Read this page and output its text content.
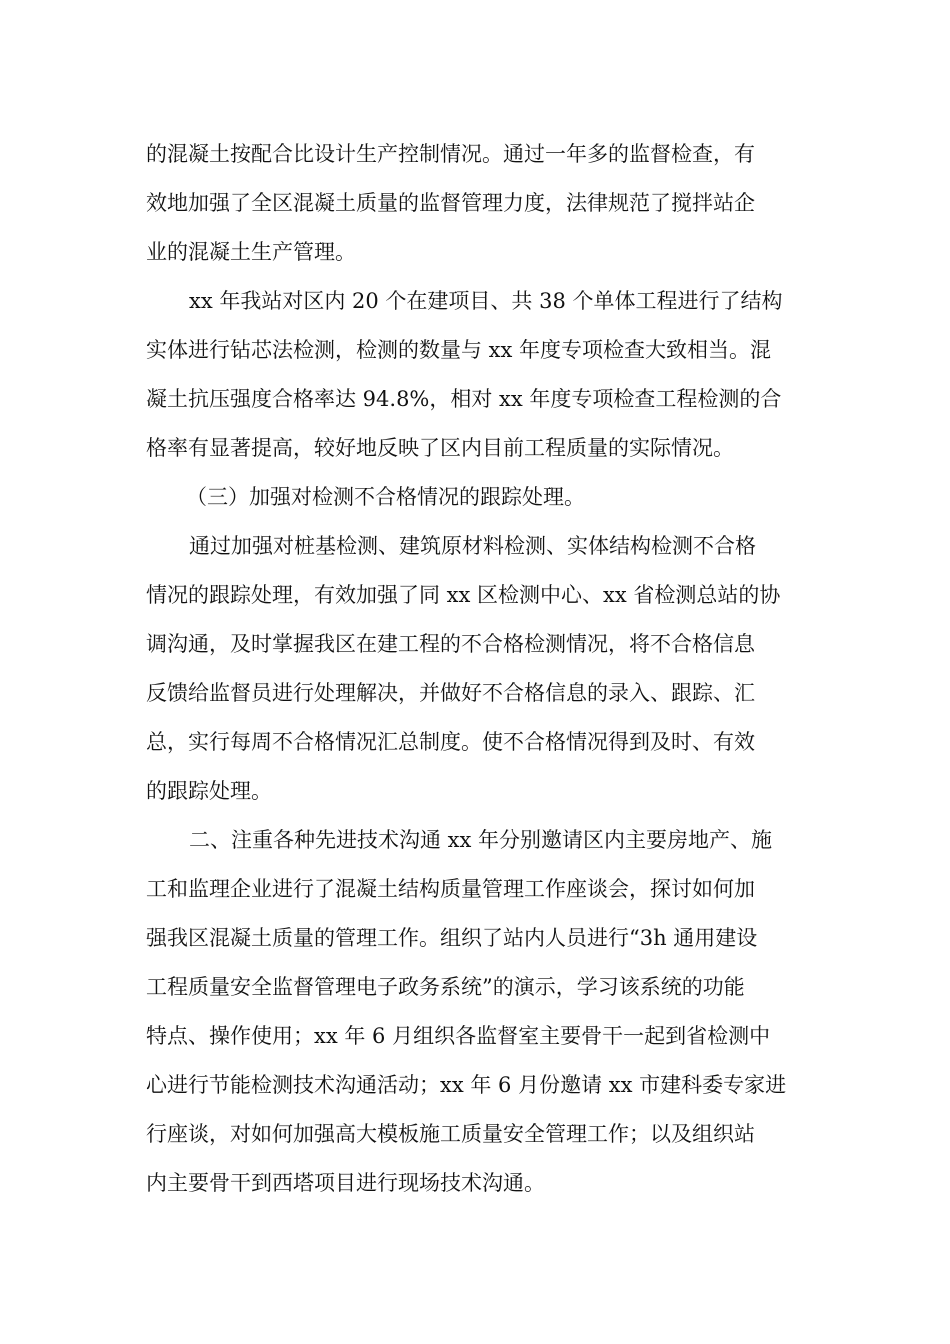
的混凝土按配合比设计生产控制情况。通过一年多的监督检查，有
效地加强了全区混凝土质量的监督管理力度，法律规范了搅拌站企
业的混凝土生产管理。
xx 年我站对区内 20 个在建项目、共 38 个单体工程进行了结构
实体进行钻芯法检测，检测的数量与 xx 年度专项检查大致相当。混
凝土抗压强度合格率达 94.8%，相对 xx 年度专项检查工程检测的合
格率有显著提高，较好地反映了区内目前工程质量的实际情况。
（三）加强对检测不合格情况的跟踪处理。
通过加强对桩基检测、建筑原材料检测、实体结构检测不合格
情况的跟踪处理，有效加强了同 xx 区检测中心、xx 省检测总站的协
调沟通，及时掌握我区在建工程的不合格检测情况，将不合格信息
反馈给监督员进行处理解决，并做好不合格信息的录入、跟踪、汇
总，实行每周不合格情况汇总制度。使不合格情况得到及时、有效
的跟踪处理。
二、注重各种先进技术沟通 xx 年分别邀请区内主要房地产、施
工和监理企业进行了混凝土结构质量管理工作座谈会，探讨如何加
强我区混凝土质量的管理工作。组织了站内人员进行“3h 通用建设
工程质量安全监督管理电子政务系统”的演示，学习该系统的功能
特点、操作使用；xx 年 6 月组织各监督室主要骨干一起到省检测中
心进行节能检测技术沟通活动；xx 年 6 月份邀请 xx 市建科委专家进
行座谈，对如何加强高大模板施工质量安全管理工作；以及组织站
内主要骨干到西塔项目进行现场技术沟通。
